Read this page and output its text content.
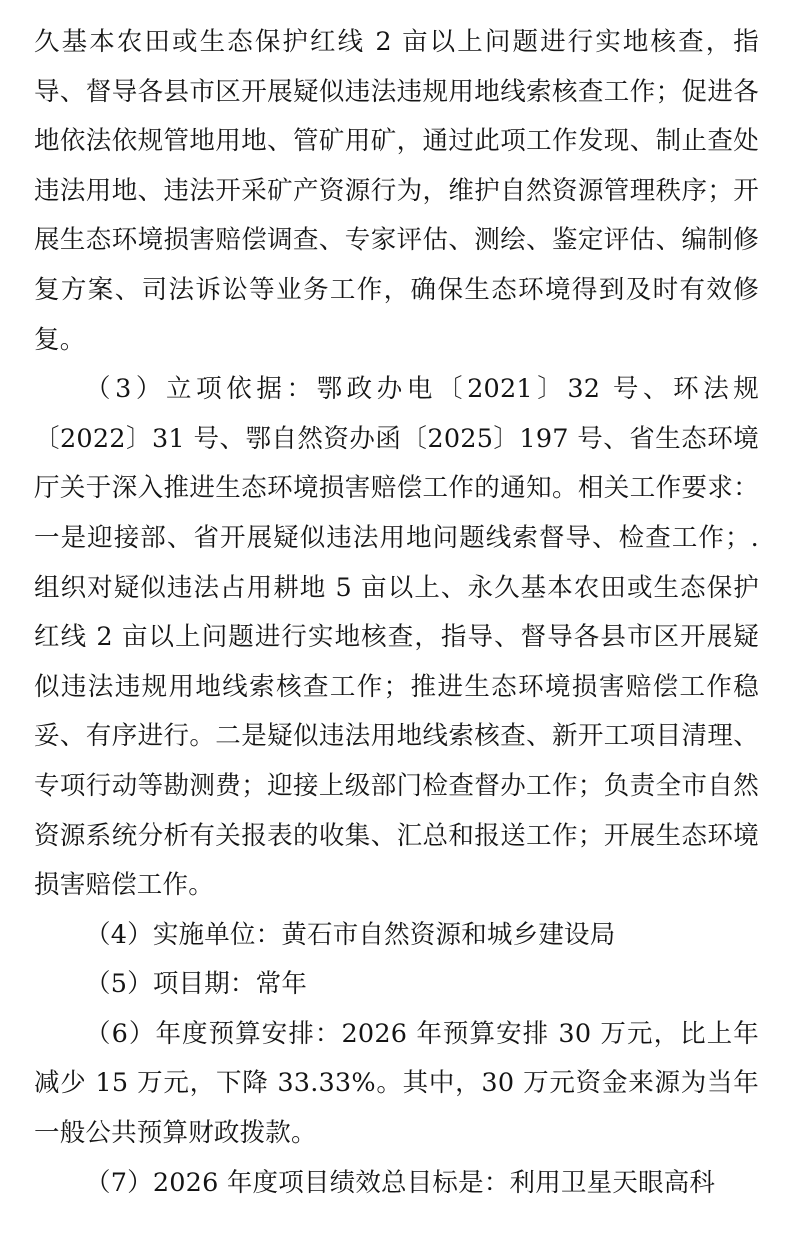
久基本农田或生态保护红线 2 亩以上问题进行实地核查，指导、督导各县市区开展疑似违法违规用地线索核查工作；促进各地依法依规管地用地、管矿用矿，通过此项工作发现、制止查处违法用地、违法开采矿产资源行为，维护自然资源管理秩序；开展生态环境损害赔偿调查、专家评估、测绘、鉴定评估、编制修复方案、司法诉讼等业务工作，确保生态环境得到及时有效修复。

（3）立项依据：鄂政办电〔2021〕32 号、环法规〔2022〕31 号、鄂自然资办函〔2025〕197 号、省生态环境厅关于深入推进生态环境损害赔偿工作的通知。相关工作要求：一是迎接部、省开展疑似违法用地问题线索督导、检查工作；.组织对疑似违法占用耕地 5 亩以上、永久基本农田或生态保护红线 2 亩以上问题进行实地核查，指导、督导各县市区开展疑似违法违规用地线索核查工作；推进生态环境损害赔偿工作稳妥、有序进行。二是疑似违法用地线索核查、新开工项目清理、专项行动等勘测费；迎接上级部门检查督办工作；负责全市自然资源系统分析有关报表的收集、汇总和报送工作；开展生态环境损害赔偿工作。

（4）实施单位：黄石市自然资源和城乡建设局

（5）项目期：常年

（6）年度预算安排：2026 年预算安排 30 万元，比上年减少 15 万元，下降 33.33%。其中，30 万元资金来源为当年一般公共预算财政拨款。

（7）2026 年度项目绩效总目标是：利用卫星天眼高科
